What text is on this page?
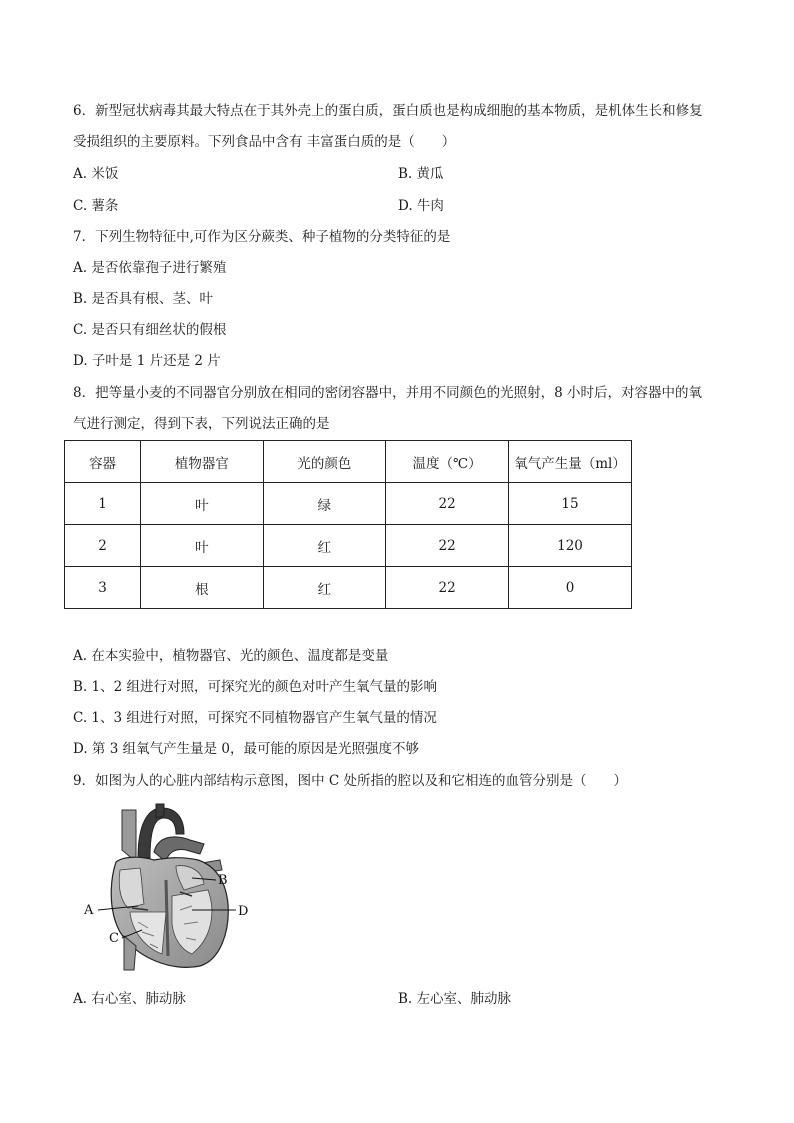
6．新型冠状病毒其最大特点在于其外壳上的蛋白质，蛋白质也是构成细胞的基本物质，是机体生长和修复
受损组织的主要原料。下列食品中含有 丰富蛋白质的是（　　）
A. 米饭	B. 黄瓜
C. 薯条	D. 牛肉
7．下列生物特征中,可作为区分蕨类、种子植物的分类特征的是
A. 是否依靠孢子进行繁殖
B. 是否具有根、茎、叶
C. 是否只有细丝状的假根
D. 子叶是 1 片还是 2 片
8．把等量小麦的不同器官分别放在相同的密闭容器中，并用不同颜色的光照射，8 小时后，对容器中的氧
气进行测定，得到下表，下列说法正确的是
容器	植物器官	光的颜色	温度（℃）	氧气产生量（ml）
1	叶	绿	22	15
2	叶	红	22	120
3	根	红	22	0
A. 在本实验中，植物器官、光的颜色、温度都是变量
B. 1、2 组进行对照，可探究光的颜色对叶产生氧气量的影响
C. 1、3 组进行对照，可探究不同植物器官产生氧气量的情况
D. 第 3 组氧气产生量是 0，最可能的原因是光照强度不够
9．如图为人的心脏内部结构示意图，图中 C 处所指的腔以及和它相连的血管分别是（　　）
A
B
C
D
A. 右心室、肺动脉	B. 左心室、肺动脉
